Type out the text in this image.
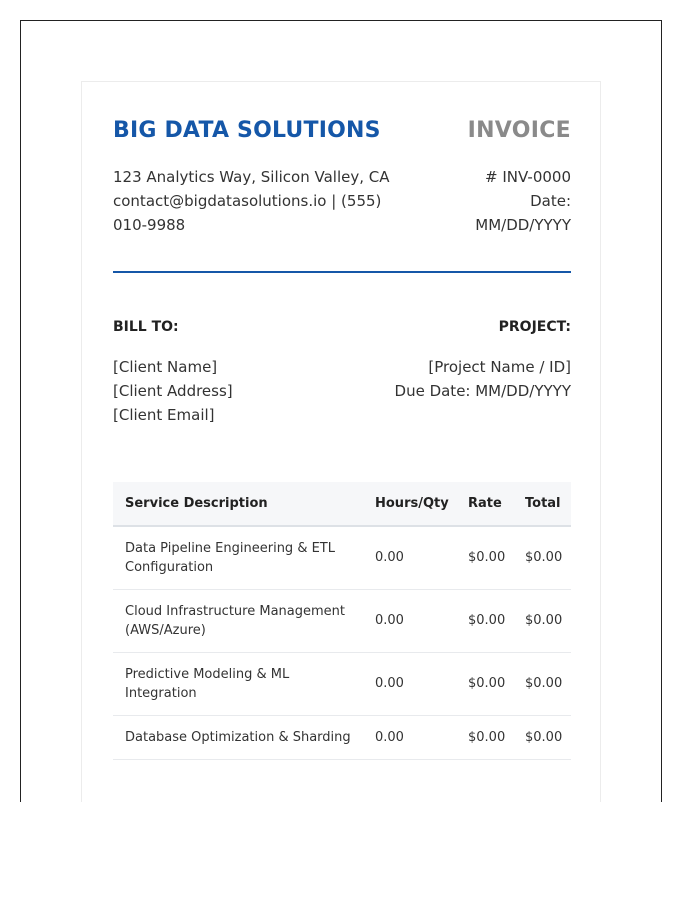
BIG DATA SOLUTIONS	INVOICE
123 Analytics Way, Silicon Valley, CA
contact@bigdatasolutions.io | (555) 010-9988
# INV-0000
Date:
MM/DD/YYYY
BILL TO:	PROJECT:
[Client Name]
[Client Address]
[Client Email]
[Project Name / ID]
Due Date: MM/DD/YYYY
Service Description	Hours/Qty	Rate	Total
Data Pipeline Engineering & ETL Configuration	0.00	$0.00	$0.00
Cloud Infrastructure Management (AWS/Azure)	0.00	$0.00	$0.00
Predictive Modeling & ML Integration	0.00	$0.00	$0.00
Database Optimization & Sharding	0.00	$0.00	$0.00
